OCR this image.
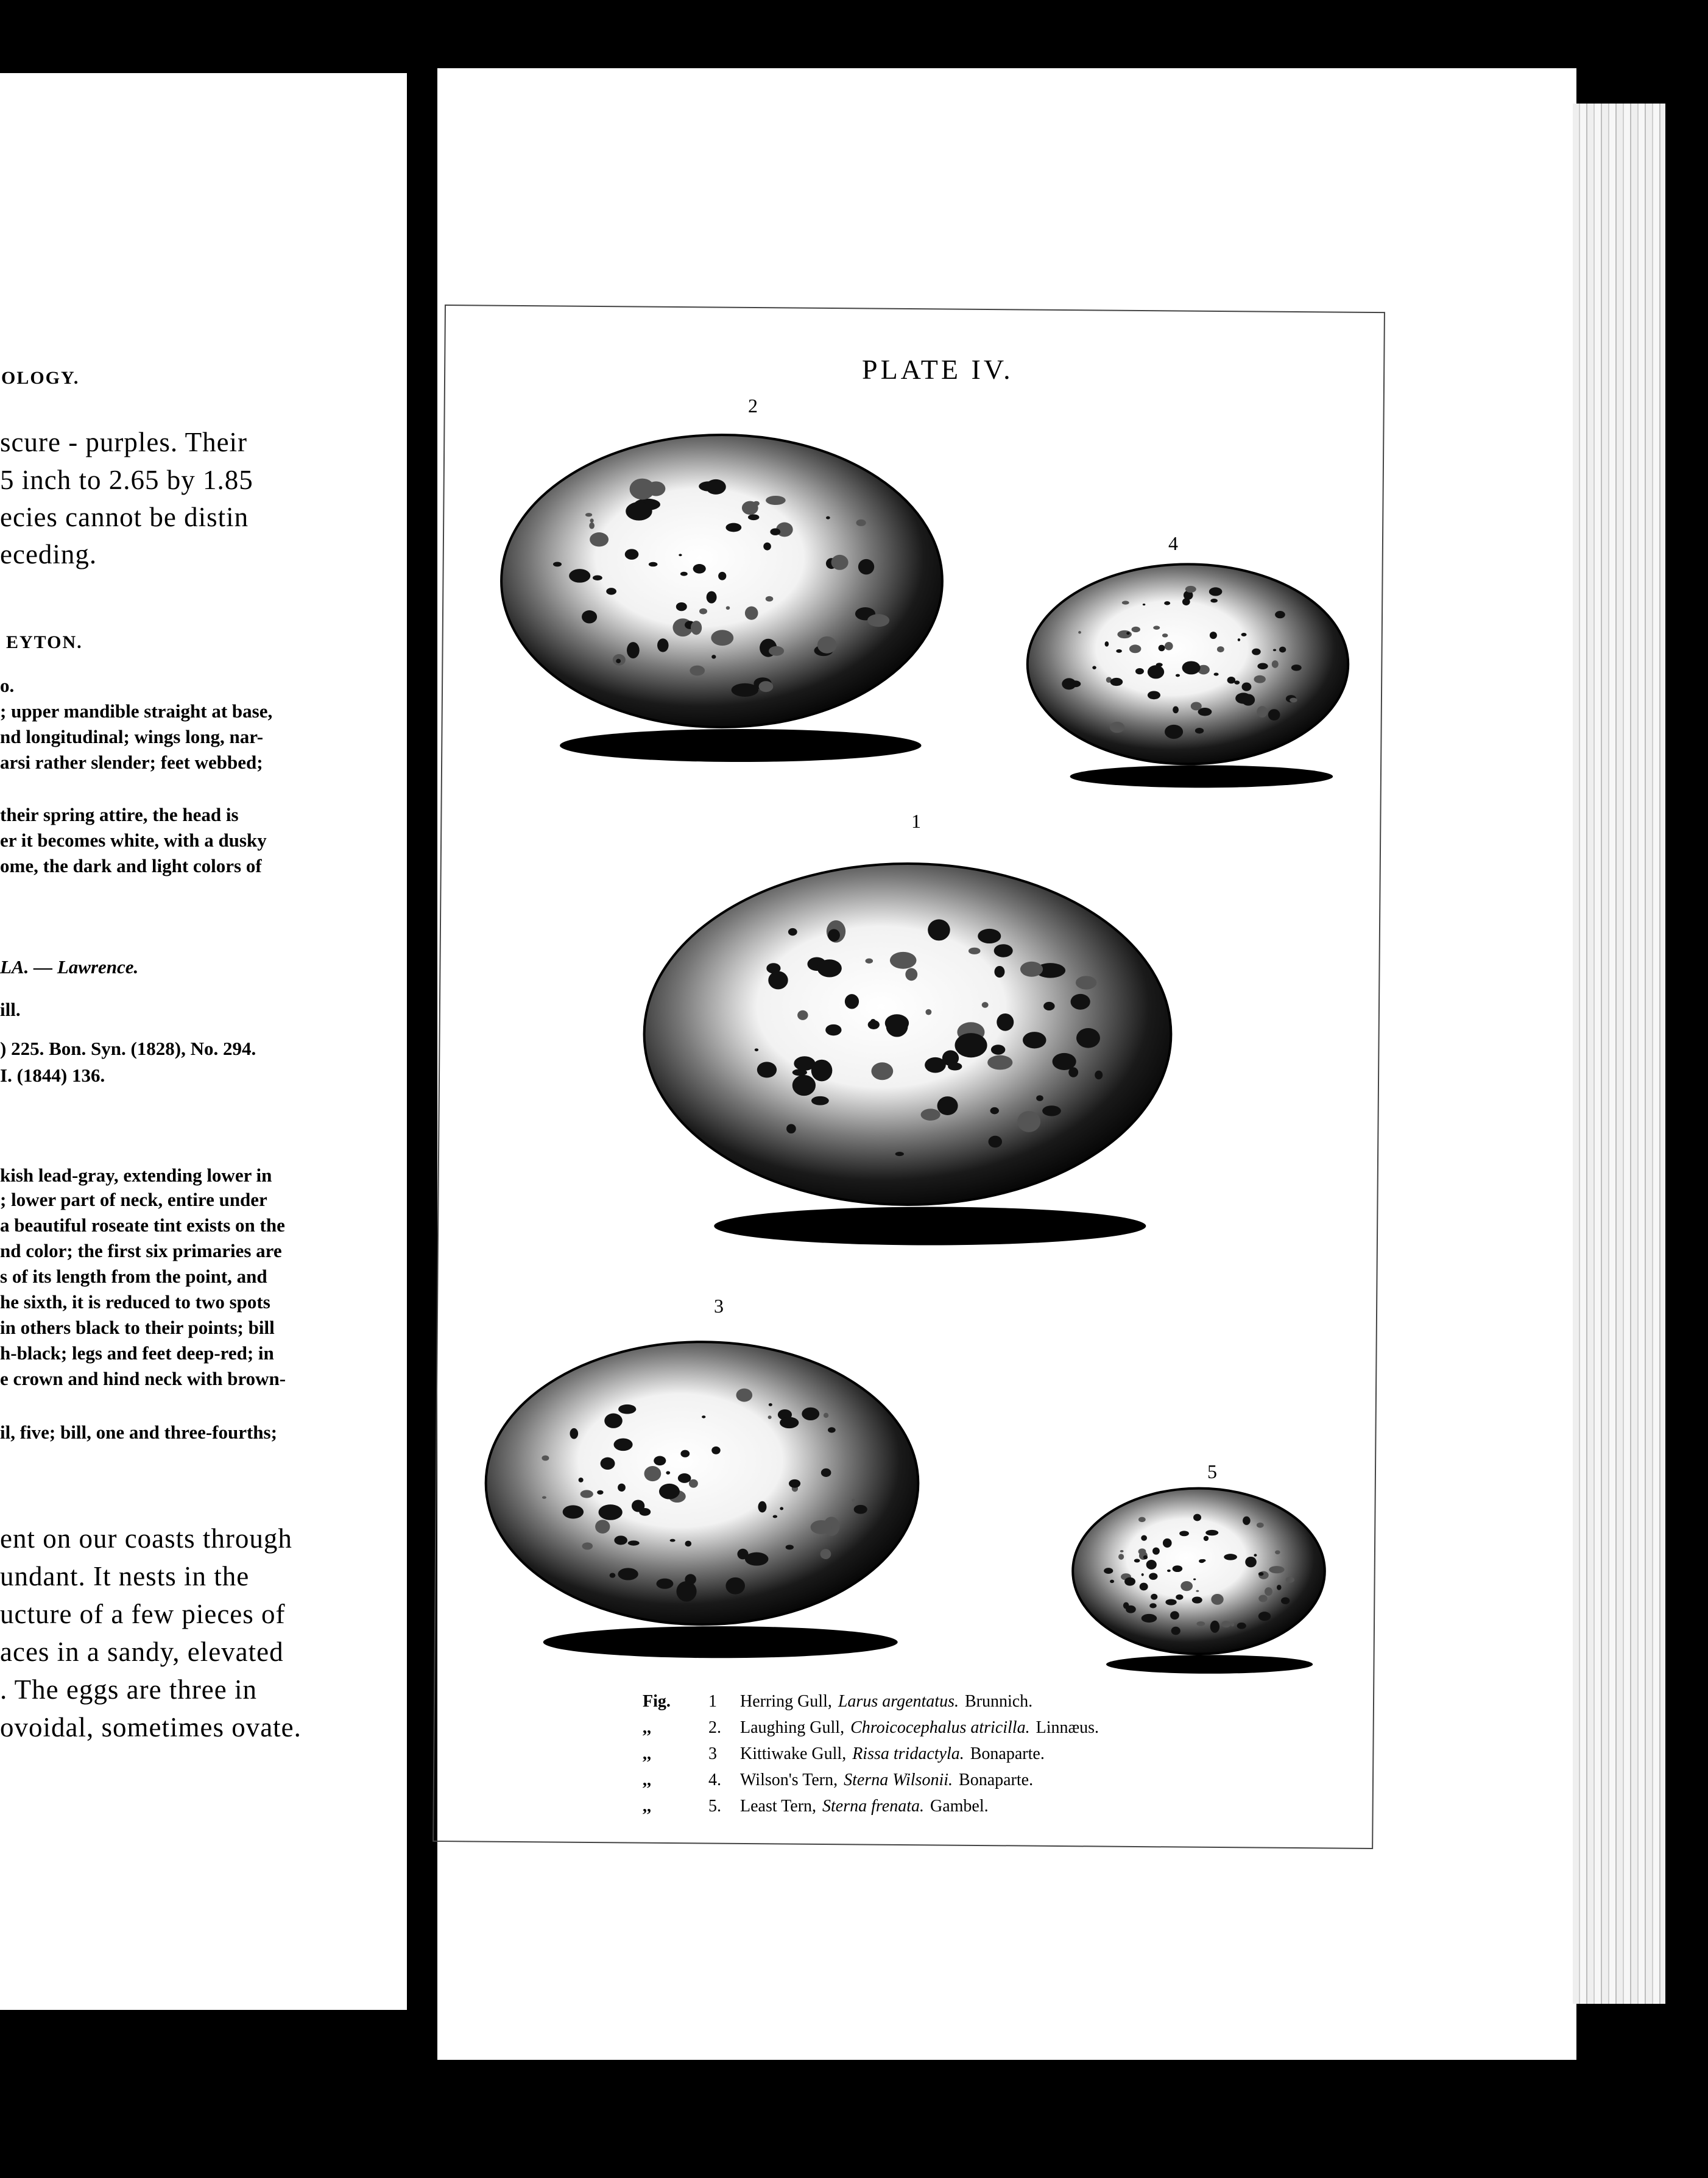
OLOGY.

scure - purples. Their

5 inch to 2.65 by 1.85

ecies cannot be distin

eceding.

EYTON.

o.

; upper mandible straight at base,

nd longitudinal; wings long, nar-

arsi rather slender; feet webbed;

their spring attire, the head is

er it becomes white, with a dusky

ome, the dark and light colors of

LA. — Lawrence.

ill.

) 225. Bon. Syn. (1828), No. 294.

I. (1844) 136.

kish lead-gray, extending lower in

; lower part of neck, entire under

a beautiful roseate tint exists on the

nd color; the first six primaries are

s of its length from the point, and

he sixth, it is reduced to two spots

in others black to their points; bill

h-black; legs and feet deep-red; in

e crown and hind neck with brown-

il, five; bill, one and three-fourths;

ent on our coasts through

undant. It nests in the

ucture of a few pieces of

aces in a sandy, elevated

. The eggs are three in

ovoidal, sometimes ovate.

PLATE IV.
2
4
1
3
5
Fig. 1 Herring Gull, Larus argentatus. Brunnich.
,,	2. Laughing Gull, Chroicocephalus atricilla. Linnæus.
,,	3 Kittiwake Gull, Rissa tridactyla. Bonaparte.
,,	4. Wilson's Tern, Sterna Wilsonii. Bonaparte.
,,	5. Least Tern, Sterna frenata. Gambel.
